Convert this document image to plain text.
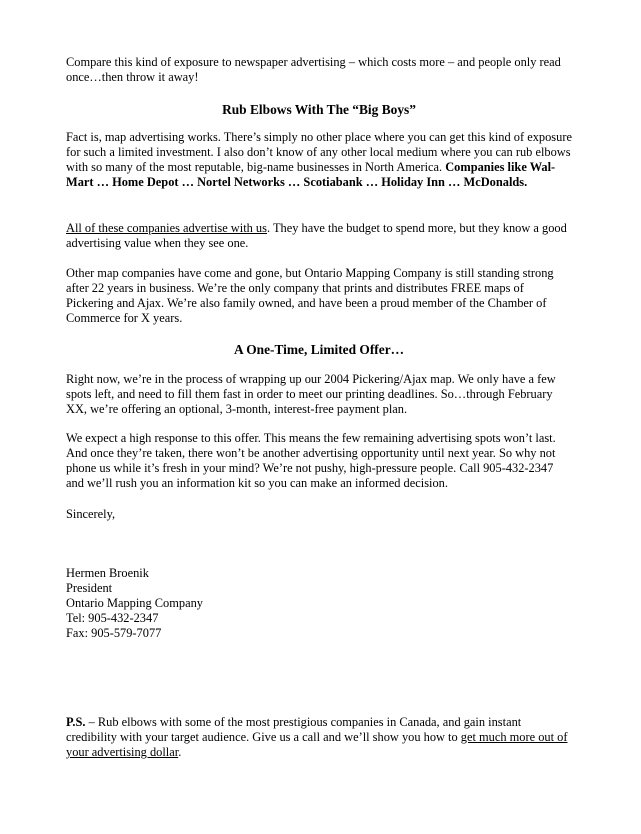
Compare this kind of exposure to newspaper advertising – which costs more – and people only read once…then throw it away!

Rub Elbows With The “Big Boys”

Fact is, map advertising works. There’s simply no other place where you can get this kind of exposure for such a limited investment. I also don’t know of any other local medium where you can rub elbows with so many of the most reputable, big-name businesses in North America. Companies like Wal-Mart … Home Depot … Nortel Networks … Scotiabank … Holiday Inn … McDonalds.

All of these companies advertise with us. They have the budget to spend more, but they know a good advertising value when they see one.

Other map companies have come and gone, but Ontario Mapping Company is still standing strong after 22 years in business. We’re the only company that prints and distributes FREE maps of Pickering and Ajax. We’re also family owned, and have been a proud member of the Chamber of Commerce for X years.

A One-Time, Limited Offer…

Right now, we’re in the process of wrapping up our 2004 Pickering/Ajax map. We only have a few spots left, and need to fill them fast in order to meet our printing deadlines. So…through February XX, we’re offering an optional, 3-month, interest-free payment plan.

We expect a high response to this offer. This means the few remaining advertising spots won’t last. And once they’re taken, there won’t be another advertising opportunity until next year. So why not phone us while it’s fresh in your mind? We’re not pushy, high-pressure people. Call 905-432-2347 and we’ll rush you an information kit so you can make an informed decision.

Sincerely,

Hermen Broenik
President
Ontario Mapping Company
Tel: 905-432-2347
Fax: 905-579-7077

P.S. – Rub elbows with some of the most prestigious companies in Canada, and gain instant credibility with your target audience. Give us a call and we’ll show you how to get much more out of your advertising dollar.
